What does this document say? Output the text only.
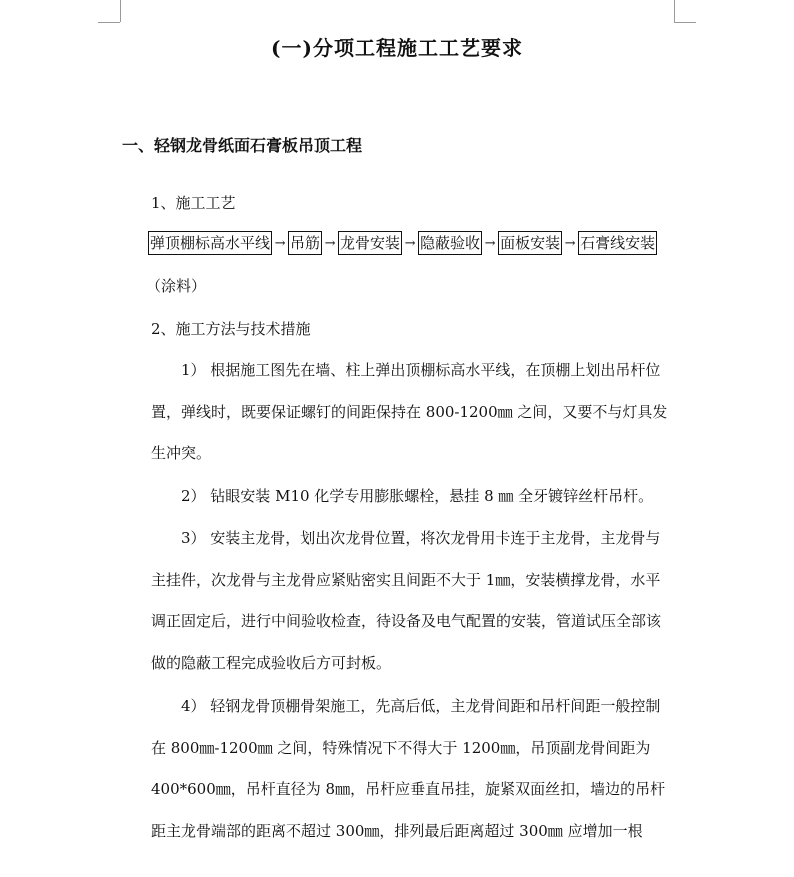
(一)分项工程施工工艺要求
一、轻钢龙骨纸面石膏板吊顶工程
1、施工工艺
弹顶棚标高水平线 → 吊筋 → 龙骨安装 → 隐蔽验收 → 面板安装 → 石膏线安装
（涂料）
2、施工方法与技术措施
1） 根据施工图先在墙、柱上弹出顶棚标高水平线，在顶棚上划出吊杆位置，弹线时，既要保证螺钉的间距保持在 800-1200㎜ 之间，又要不与灯具发生冲突。
2） 钻眼安装 M10 化学专用膨胀螺栓，悬挂 8 ㎜ 全牙镀锌丝杆吊杆。
3） 安装主龙骨，划出次龙骨位置，将次龙骨用卡连于主龙骨，主龙骨与主挂件，次龙骨与主龙骨应紧贴密实且间距不大于 1㎜，安装横撑龙骨，水平调正固定后，进行中间验收检查，待设备及电气配置的安装，管道试压全部该做的隐蔽工程完成验收后方可封板。
4） 轻钢龙骨顶棚骨架施工，先高后低，主龙骨间距和吊杆间距一般控制在 800㎜-1200㎜ 之间，特殊情况下不得大于 1200㎜，吊顶副龙骨间距为 400*600㎜，吊杆直径为 8㎜，吊杆应垂直吊挂，旋紧双面丝扣，墙边的吊杆距主龙骨端部的距离不超过 300㎜，排列最后距离超过 300㎜ 应增加一根
